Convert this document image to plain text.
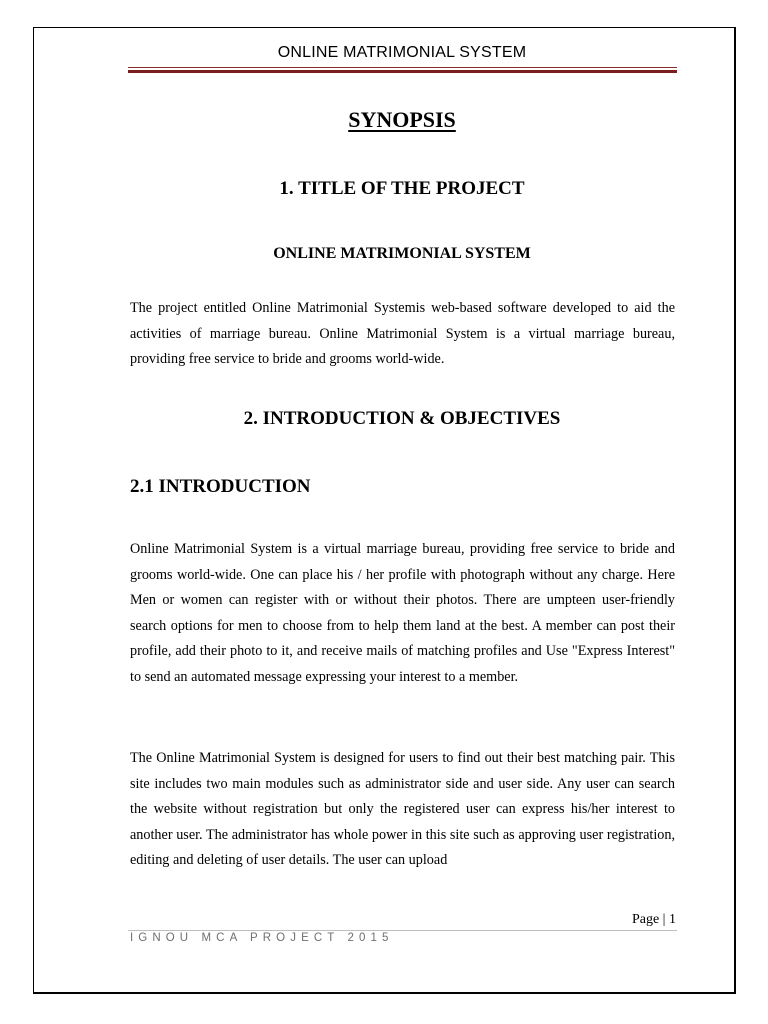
ONLINE MATRIMONIAL SYSTEM
SYNOPSIS
1. TITLE OF THE PROJECT
ONLINE MATRIMONIAL SYSTEM
The project entitled Online Matrimonial Systemis web-based software developed to aid the activities of marriage bureau. Online Matrimonial System is a virtual marriage bureau, providing free service to bride and grooms world-wide.
2. INTRODUCTION & OBJECTIVES
2.1 INTRODUCTION
Online Matrimonial System is a virtual marriage bureau, providing free service to bride and grooms world-wide. One can place his / her profile with photograph without any charge. Here Men or women can register with or without their photos. There are umpteen user-friendly search options for men to choose from to help them land at the best. A member can post their profile, add their photo to it, and receive mails of matching profiles and Use "Express Interest" to send an automated message expressing your interest to a member.
The Online Matrimonial System is designed for users to find out their best matching pair. This site includes two main modules such as administrator side and user side. Any user can search the website without registration but only the registered user can express his/her interest to another user. The administrator has whole power in this site such as approving user registration, editing and deleting of user details. The user can upload
Page | 1
IGNOU MCA PROJECT 2015
